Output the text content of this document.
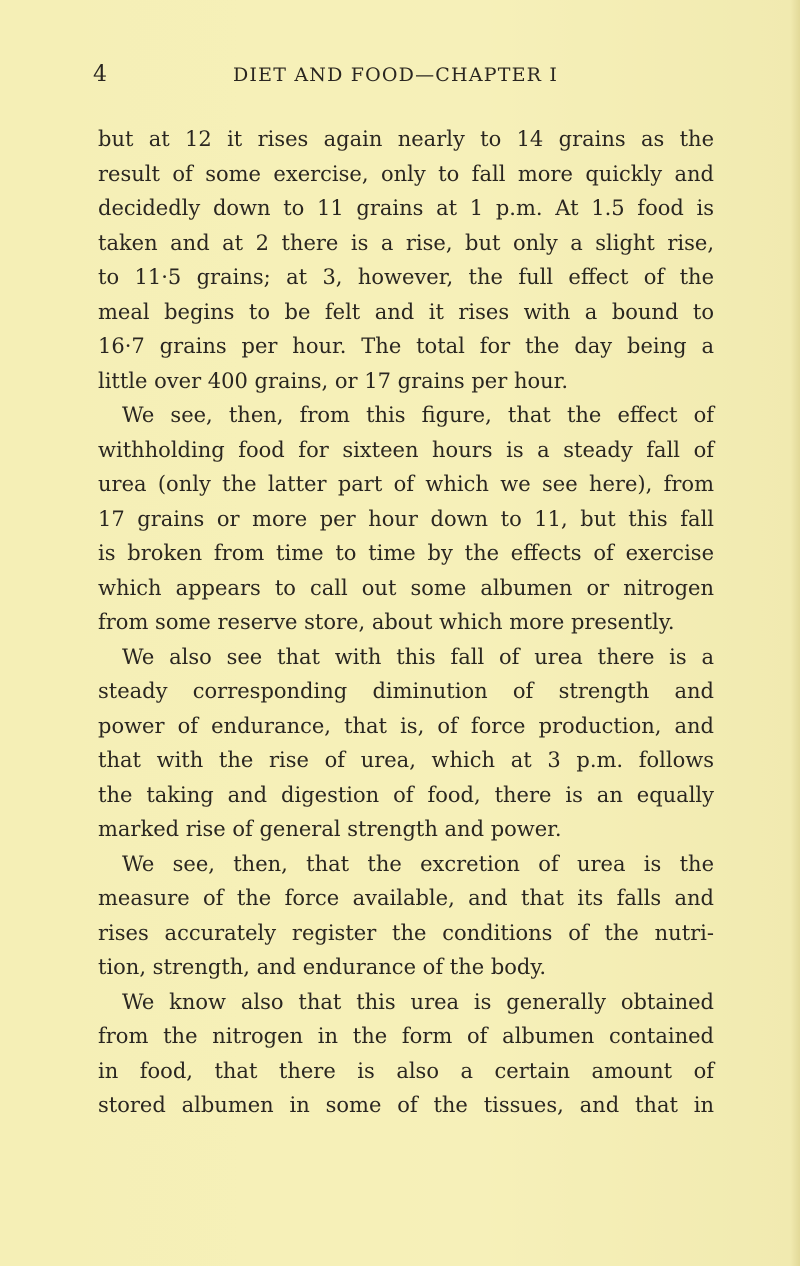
4	DIET AND FOOD—CHAPTER I
but at 12 it rises again nearly to 14 grains as the
result of some exercise, only to fall more quickly and
decidedly down to 11 grains at 1 p.m. At 1.5 food is
taken and at 2 there is a rise, but only a slight rise,
to 11·5 grains; at 3, however, the full effect of the
meal begins to be felt and it rises with a bound to
16·7 grains per hour. The total for the day being a
little over 400 grains, or 17 grains per hour.
We see, then, from this figure, that the effect of
withholding food for sixteen hours is a steady fall of
urea (only the latter part of which we see here), from
17 grains or more per hour down to 11, but this fall
is broken from time to time by the effects of exercise
which appears to call out some albumen or nitrogen
from some reserve store, about which more presently.
We also see that with this fall of urea there is a
steady corresponding diminution of strength and
power of endurance, that is, of force production, and
that with the rise of urea, which at 3 p.m. follows
the taking and digestion of food, there is an equally
marked rise of general strength and power.
We see, then, that the excretion of urea is the
measure of the force available, and that its falls and
rises accurately register the conditions of the nutri-
tion, strength, and endurance of the body.
We know also that this urea is generally obtained
from the nitrogen in the form of albumen contained
in food, that there is also a certain amount of
stored albumen in some of the tissues, and that in
